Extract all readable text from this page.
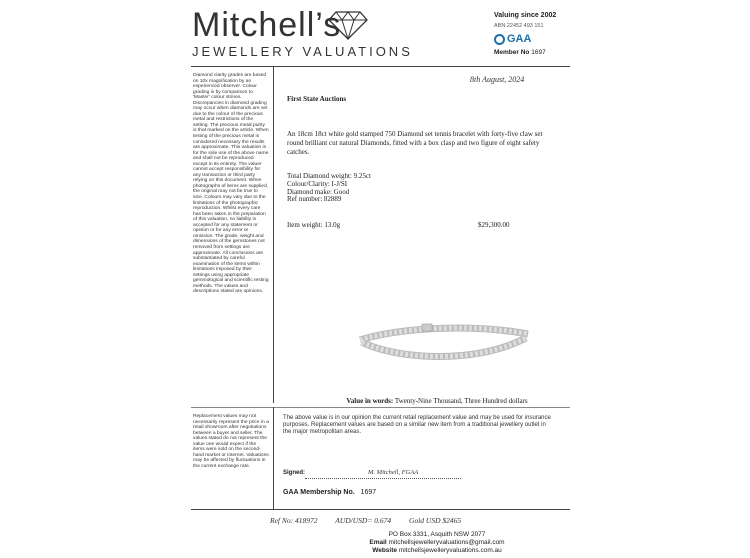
Mitchell’s
JEWELLERY VALUATIONS
Valuing since 2002
ABN 22452 493 151
GAA
Member No 1697
Diamond clarity grades are based on 10x magnification by an experienced observer. Colour grading is by comparison to 'Master' colour stones. Discrepancies in diamond grading may occur when diamonds are set due to the colour of the precious metal and restrictions of the setting. The precious metal purity is that marked on the article. When testing of the precious metal is considered necessary the results are approximate. This valuation is for the sole use of the above name and shall not be reproduced except in its entirety. The valuer cannot accept responsibility for any transaction or third party relying on this document. When photographs of items are supplied, the original may not be true to size. Colours may vary due to the limitations of the photographic reproduction. Whilst every care has been taken in the preparation of this valuation, no liability is accepted for any statement or opinion or for any error or omission. The grade, weight and dimensions of the gemstones not removed from settings are approximate. All conclusions are substantiated by careful examination of the items within limitations imposed by their settings using appropriate gemmological and scientific testing methods. The values and descriptions stated are opinions.
Replacement values may not necessarily represent the price in a retail showroom after negotiations between a buyer and seller. The values stated do not represent the value one would expect if the items were sold on the second-hand market or internet. Valuations may be affected by fluctuations in the current exchange rate.
8th August, 2024
First State Auctions
An 18cm 18ct white gold stamped 750 Diamond set tennis bracelet with forty-five claw set round brilliant cut natural Diamonds, fitted with a box clasp and two figure of eight safety catches.
Total Diamond weight: 9.25ct
Colour/Clarity: I-J/SI
Diamond make: Good
Ref number: 82889
Item weight: 13.0g	$29,300.00
Value in words: Twenty-Nine Thousand, Three Hundred dollars
The above value is in our opinion the current retail replacement value and may be used for insurance purposes. Replacement values are based on a similar new item from a traditional jewellery outlet in the major metropolitan areas.
Signed:	M. Mitchell, FGAA
GAA Membership No. 1697
Ref No: 418972 AUD/USD= 0.674 Gold USD $2465
PO Box 3331, Asquith NSW 2077
Email mitchellsjewelleryvaluations@gmail.com
Website mitchellsjewelleryvaluations.com.au
